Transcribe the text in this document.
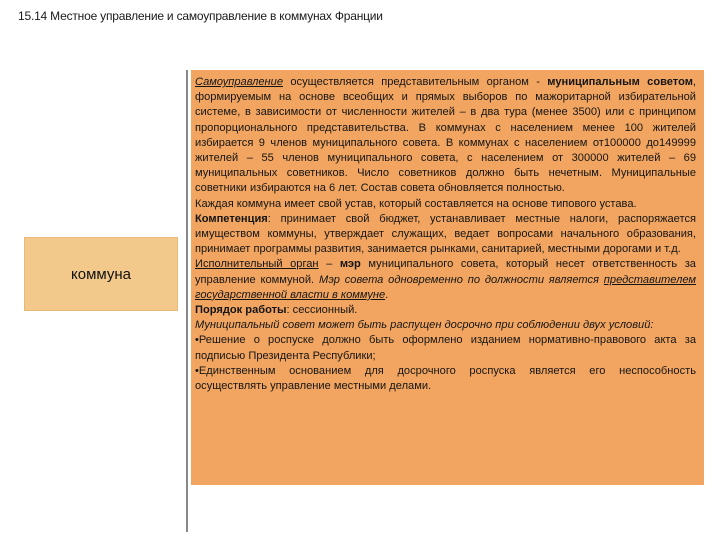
15.14 Местное управление и самоуправление в коммунах Франции
коммуна

Самоуправление осуществляется представительным органом - муниципальным советом, формируемым на основе всеобщих и прямых выборов по мажоритарной избирательной системе, в зависимости от численности жителей – в два тура (менее 3500) или с принципом пропорционального представительства. В коммунах с населением менее 100 жителей избирается 9 членов муниципального совета. В коммунах с населением от100000 до149999 жителей – 55 членов муниципального совета, с населением от 300000 жителей – 69 муниципальных советников. Число советников должно быть нечетным. Муниципальные советники избираются на 6 лет. Состав совета обновляется полностью.

Каждая коммуна имеет свой устав, который составляется на основе типового устава.

Компетенция: принимает свой бюджет, устанавливает местные налоги, распоряжается имуществом коммуны, утверждает служащих, ведает вопросами начального образования, принимает программы развития, занимается рынками, санитарией, местными дорогами и т.д.

Исполнительный орган – мэр муниципального совета, который несет ответственность за управление коммуной. Мэр совета одновременно по должности является представителем государственной власти в коммуне.

Порядок работы: сессионный.

Муниципальный совет может быть распущен досрочно при соблюдении двух условий:

•Решение о роспуске должно быть оформлено изданием нормативно-правового акта за подписью Президента Республики;

•Единственным основанием для досрочного роспуска является его неспособность осуществлять управление местными делами.
